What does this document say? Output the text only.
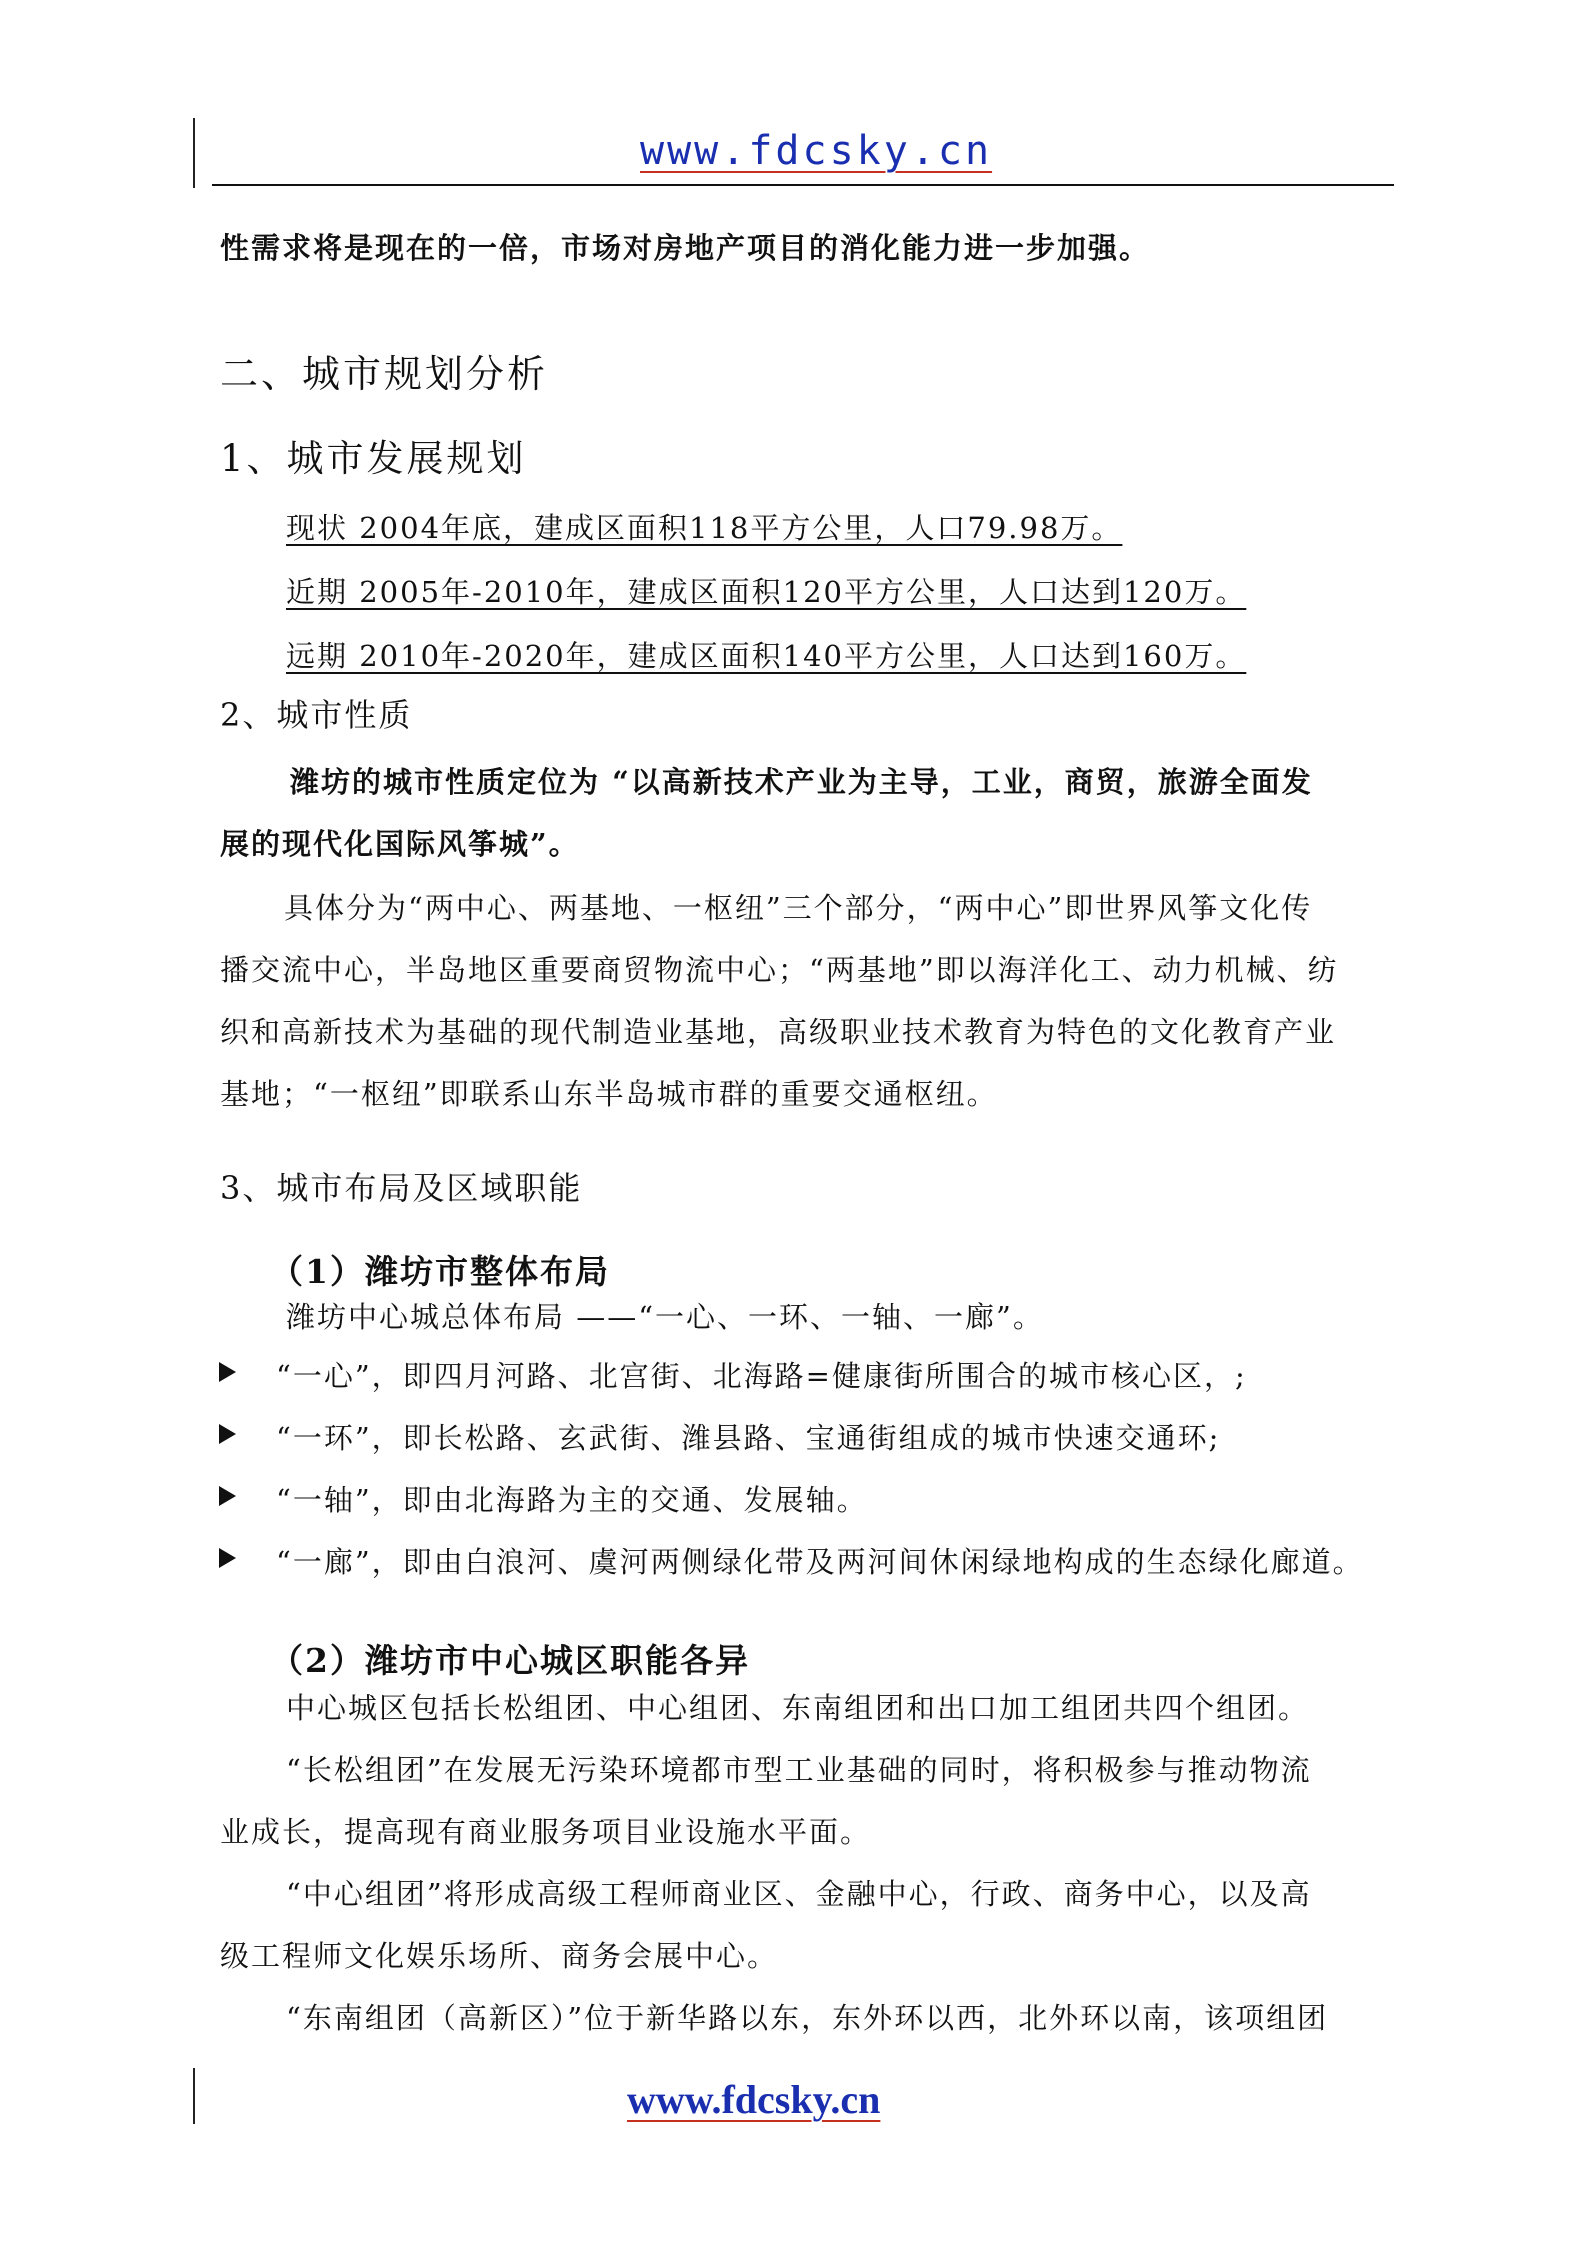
www.fdcsky.cn
性需求将是现在的一倍，市场对房地产项目的消化能力进一步加强。
二、城市规划分析
1、城市发展规划
现状 2004年底，建成区面积118平方公里，人口79.98万。
近期 2005年-2010年，建成区面积120平方公里，人口达到120万。
远期 2010年-2020年，建成区面积140平方公里，人口达到160万。
2、城市性质
潍坊的城市性质定位为 “以高新技术产业为主导，工业，商贸，旅游全面发
展的现代化国际风筝城”。
具体分为“两中心、两基地、一枢纽”三个部分，“两中心”即世界风筝文化传
播交流中心，半岛地区重要商贸物流中心；“两基地”即以海洋化工、动力机械、纺
织和高新技术为基础的现代制造业基地，高级职业技术教育为特色的文化教育产业
基地；“一枢纽”即联系山东半岛城市群的重要交通枢纽。
3、城市布局及区域职能
（1）潍坊市整体布局
潍坊中心城总体布局 ——“一心、一环、一轴、一廊”。
“一心”，即四月河路、北宫街、北海路=健康街所围合的城市核心区，;
“一环”，即长松路、玄武街、潍县路、宝通街组成的城市快速交通环;
“一轴”，即由北海路为主的交通、发展轴。
“一廊”，即由白浪河、虞河两侧绿化带及两河间休闲绿地构成的生态绿化廊道。
（2）潍坊市中心城区职能各异
中心城区包括长松组团、中心组团、东南组团和出口加工组团共四个组团。
“长松组团”在发展无污染环境都市型工业基础的同时，将积极参与推动物流
业成长，提高现有商业服务项目业设施水平面。
“中心组团”将形成高级工程师商业区、金融中心，行政、商务中心，以及高
级工程师文化娱乐场所、商务会展中心。
“东南组团（高新区）”位于新华路以东，东外环以西，北外环以南，该项组团
www.fdcsky.cn
